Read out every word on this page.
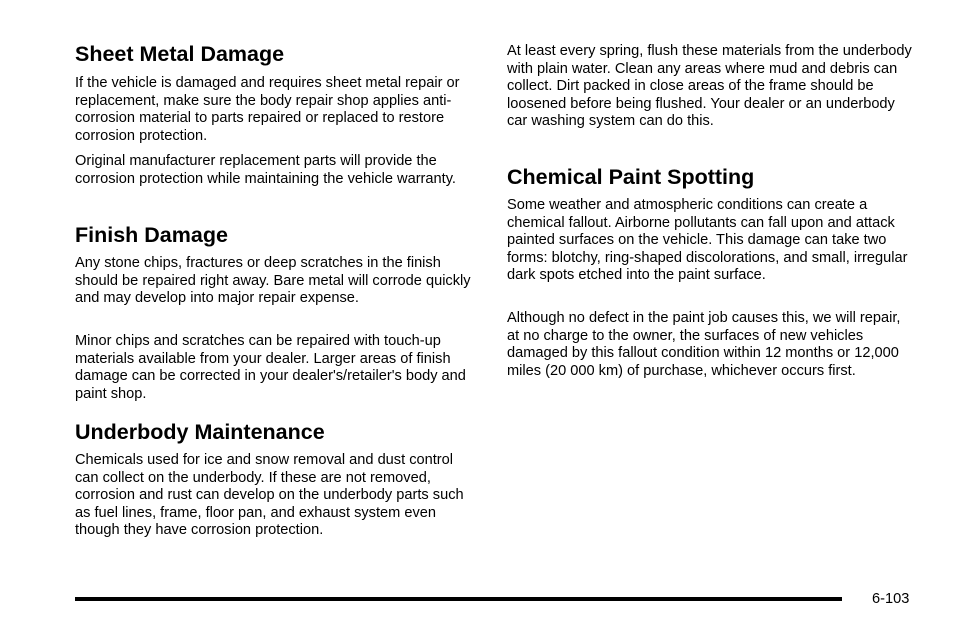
Sheet Metal Damage

If the vehicle is damaged and requires sheet metal repair or replacement, make sure the body repair shop applies anti-corrosion material to parts repaired or replaced to restore corrosion protection.

Original manufacturer replacement parts will provide the corrosion protection while maintaining the vehicle warranty.

Finish Damage

Any stone chips, fractures or deep scratches in the finish should be repaired right away. Bare metal will corrode quickly and may develop into major repair expense.

Minor chips and scratches can be repaired with touch-up materials available from your dealer. Larger areas of finish damage can be corrected in your dealer's/retailer's body and paint shop.

Underbody Maintenance

Chemicals used for ice and snow removal and dust control can collect on the underbody. If these are not removed, corrosion and rust can develop on the underbody parts such as fuel lines, frame, floor pan, and exhaust system even though they have corrosion protection.

At least every spring, flush these materials from the underbody with plain water. Clean any areas where mud and debris can collect. Dirt packed in close areas of the frame should be loosened before being flushed. Your dealer or an underbody car washing system can do this.

Chemical Paint Spotting

Some weather and atmospheric conditions can create a chemical fallout. Airborne pollutants can fall upon and attack painted surfaces on the vehicle. This damage can take two forms: blotchy, ring-shaped discolorations, and small, irregular dark spots etched into the paint surface.

Although no defect in the paint job causes this, we will repair, at no charge to the owner, the surfaces of new vehicles damaged by this fallout condition within 12 months or 12,000 miles (20 000 km) of purchase, whichever occurs first.

6-103
